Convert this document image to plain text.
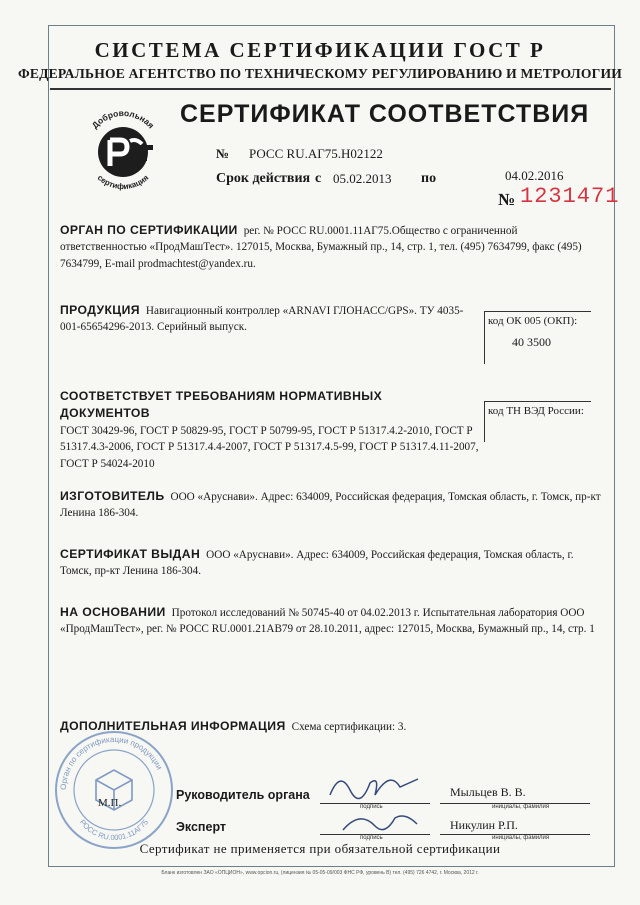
СИСТЕМА СЕРТИФИКАЦИИ ГОСТ Р
ФЕДЕРАЛЬНОЕ АГЕНТСТВО ПО ТЕХНИЧЕСКОМУ РЕГУЛИРОВАНИЮ И МЕТРОЛОГИИ
Добровольная
сертификация
СЕРТИФИКАТ СООТВЕТСТВИЯ
№ РОСС RU.АГ75.Н02122
Срок действия с 05.02.2013 по	04.02.2016
№ 1231471
ОРГАН ПО СЕРТИФИКАЦИИ рег. № РОСС RU.0001.11АГ75.Общество с ограниченной ответственностью «ПродМашТест». 127015, Москва, Бумажный пр., 14, стр. 1, тел. (495) 7634799, факс (495) 7634799, E-mail prodmachtest@yandex.ru.
ПРОДУКЦИЯ Навигационный контроллер «ARNAVI ГЛОНАСС/GPS». ТУ 4035-001-65654296-2013. Серийный выпуск.
код ОК 005 (ОКП):
40 3500
СООТВЕТСТВУЕТ ТРЕБОВАНИЯМ НОРМАТИВНЫХ ДОКУМЕНТОВ
ГОСТ 30429-96, ГОСТ Р 50829-95, ГОСТ Р 50799-95, ГОСТ Р 51317.4.2-2010, ГОСТ Р 51317.4.3-2006, ГОСТ Р 51317.4.4-2007, ГОСТ Р 51317.4.5-99, ГОСТ Р 51317.4.11-2007, ГОСТ Р 54024-2010
код ТН ВЭД России:
ИЗГОТОВИТЕЛЬ ООО «Аруснави». Адрес: 634009, Российская федерация, Томская область, г. Томск, пр-кт Ленина 186-304.
СЕРТИФИКАТ ВЫДАН ООО «Аруснави». Адрес: 634009, Российская федерация, Томская область, г. Томск, пр-кт Ленина 186-304.
НА ОСНОВАНИИ Протокол исследований № 50745-40 от 04.02.2013 г. Испытательная лаборатория ООО «ПродМашТест», рег. № РОСС RU.0001.21АВ79 от 28.10.2011, адрес: 127015, Москва, Бумажный пр., 14, стр. 1
ДОПОЛНИТЕЛЬНАЯ ИНФОРМАЦИЯ Схема сертификации: 3.
Орган по сертификации продукции
РОСС RU.0001.11АГ75
М.П.
Руководитель органа
подпись
Мыльцев В. В.
инициалы, фамилия
Эксперт
подпись
Никулин Р.П.
инициалы, фамилия
Сертификат не применяется при обязательной сертификации
Бланк изготовлен ЗАО «ОПЦИОН», www.opcion.ru, (лицензия № 05-05-09/003 ФНС РФ, уровень В) тел. (495) 726 4742, г. Москва, 2012 г.
